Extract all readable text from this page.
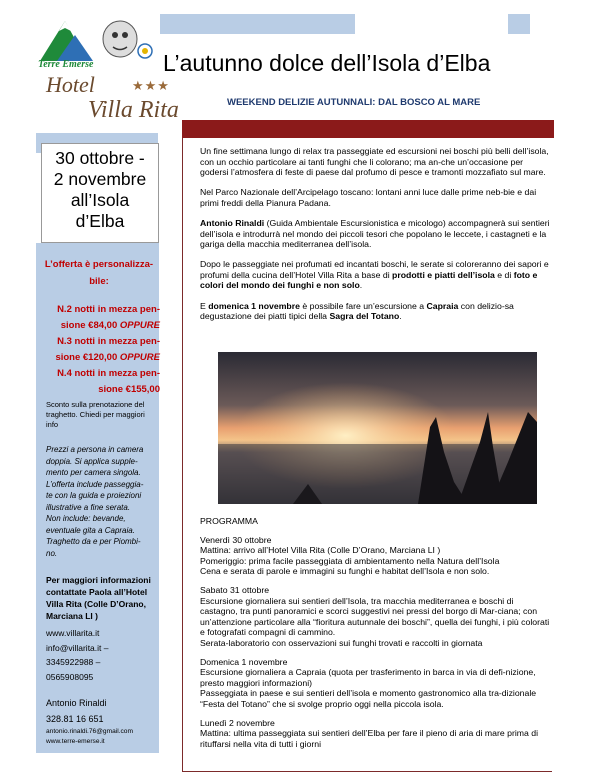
Terre Emerse
Hotel	★★★
Villa Rita
L’autunno dolce dell’Isola d’Elba
WEEKEND DELIZIE AUTUNNALI: DAL BOSCO AL MARE
30 ottobre -
2 novembre
all’Isola
d’Elba
L’offerta è personalizza-
bile:
N.2 notti in mezza pen-
sione €84,00 OPPURE
N.3 notti in mezza pen-
sione €120,00 OPPURE
N.4 notti in mezza pen-
sione €155,00
Sconto sulla prenotazione del
traghetto. Chiedi per maggiori
info
Prezzi a persona in camera
doppia. Si applica supple-
mento per camera singola.
L’offerta include passeggia-
te con la guida e proiezioni
illustrative a fine serata.
Non include: bevande,
eventuale gita a Capraia.
Traghetto da e per Piombi-
no.
Per maggiori informazioni
contattate Paola all’Hotel
Villa Rita (Colle D’Orano,
Marciana LI )
www.villarita.it
info@villarita.it –
3345922988 –
0565908095
Antonio Rinaldi
328.81 16 651
antonio.rinaldi.76@gmail.com
www.terre-emerse.it

Un fine settimana lungo di relax tra passeggiate ed escursioni nei boschi più belli dell’isola, con un occhio particolare ai tanti funghi che li colorano; ma an-che un’occasione per godersi l’atmosfera di feste di paese dal profumo di pesce e tramonti mozzafiato sul mare.

Nel Parco Nazionale dell’Arcipelago toscano: lontani anni luce dalle prime neb-bie e dai primi freddi della Pianura Padana.

Antonio Rinaldi (Guida Ambientale Escursionistica e micologo) accompagnerà sui sentieri dell’isola e introdurrà nel mondo dei piccoli tesori che popolano le leccete, i castagneti e la gariga della macchia mediterranea dell’isola.

Dopo le passeggiate nei profumati ed incantati boschi, le serate si coloreranno dei sapori e profumi della cucina dell’Hotel Villa Rita a base di prodotti e piatti dell’isola e di foto e colori del mondo dei funghi e non solo.

E domenica 1 novembre è possibile fare un’escursione a Capraia con delizio-sa degustazione dei piatti tipici della Sagra del Totano.

PROGRAMMA
Venerdì 30 ottobre
Mattina: arrivo all’Hotel Villa Rita (Colle D’Orano, Marciana LI )
Pomeriggio: prima facile passeggiata di ambientamento nella Natura dell’Isola
Cena e serata di parole e immagini su funghi e habitat dell’Isola e non solo.
Sabato 31 ottobre
Escursione giornaliera sui sentieri dell’Isola, tra macchia mediterranea e boschi di castagno, tra punti panoramici e scorci suggestivi nei pressi del borgo di Mar-ciana; con un’attenzione particolare alla “fioritura autunnale dei boschi”, quella dei funghi, i più colorati e fotografati compagni di cammino.
Serata-laboratorio con osservazioni sui funghi trovati e raccolti in giornata
Domenica 1 novembre
Escursione giornaliera a Capraia (quota per trasferimento in barca in via di defi-nizione, presto maggiori informazioni)
Passeggiata in paese e sui sentieri dell’isola e momento gastronomico alla tra-dizionale “Festa del Totano” che si svolge proprio oggi nella piccola isola.
Lunedì 2 novembre
Mattina: ultima passeggiata sui sentieri dell’Elba per fare il pieno di aria di mare prima di rituffarsi nella vita di tutti i giorni
